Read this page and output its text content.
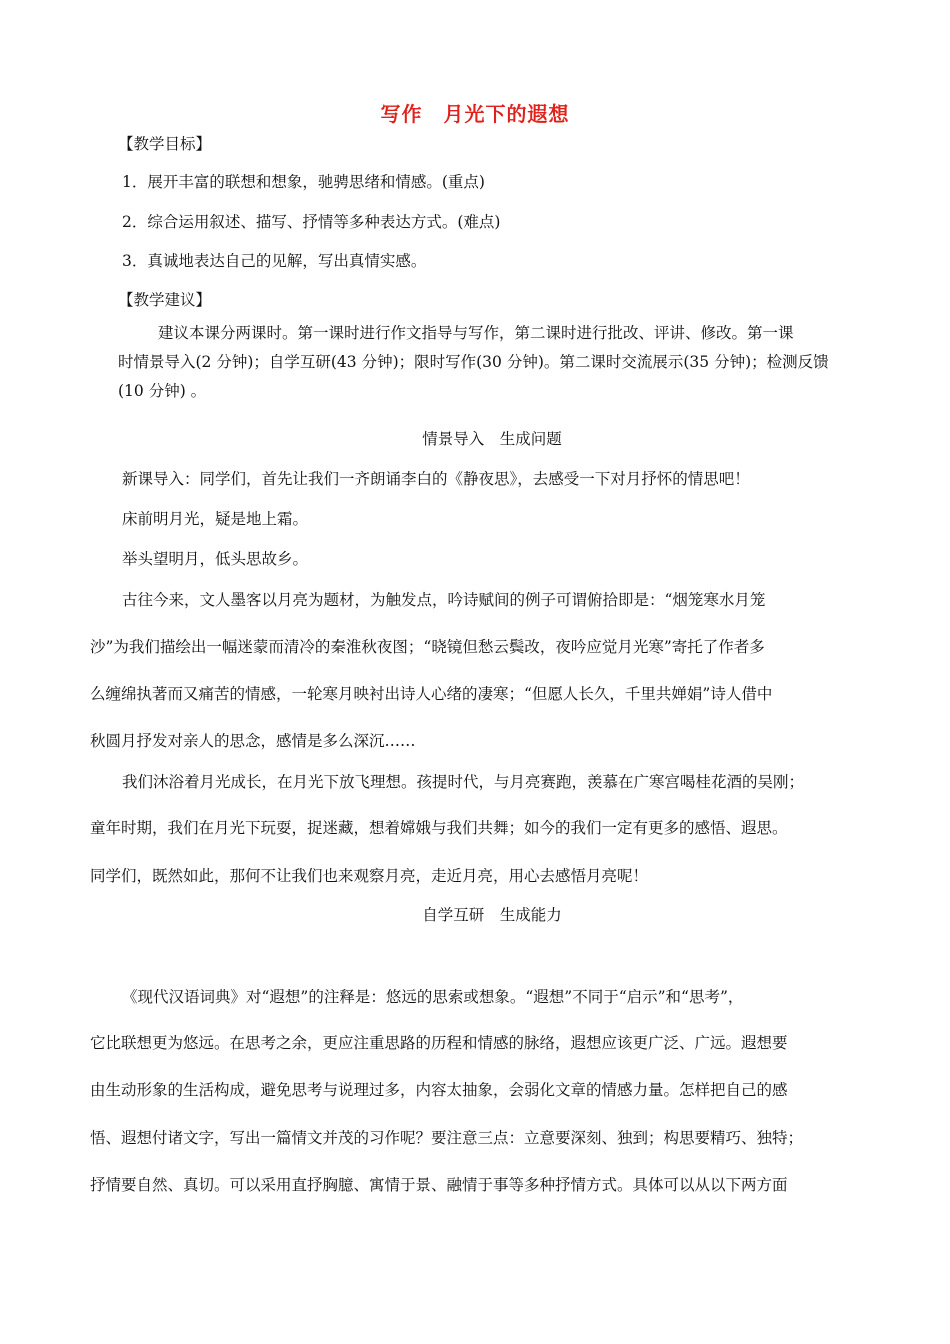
写作　月光下的遐想
【教学目标】
1．展开丰富的联想和想象，驰骋思绪和情感。(重点)
2．综合运用叙述、描写、抒情等多种表达方式。(难点)
3．真诚地表达自己的见解，写出真情实感。
【教学建议】
建议本课分两课时。第一课时进行作文指导与写作，第二课时进行批改、评讲、修改。第一课
时情景导入(2 分钟)；自学互研(43 分钟)；限时写作(30 分钟)。第二课时交流展示(35 分钟)；检测反馈
(10 分钟) 。
情景导入　生成问题
新课导入：同学们，首先让我们一齐朗诵李白的《静夜思》，去感受一下对月抒怀的情思吧！
床前明月光，疑是地上霜。
举头望明月，低头思故乡。
古往今来，文人墨客以月亮为题材，为触发点，吟诗赋间的例子可谓俯拾即是：“烟笼寒水月笼
沙”为我们描绘出一幅迷蒙而清冷的秦淮秋夜图；“晓镜但愁云鬓改，夜吟应觉月光寒”寄托了作者多
么缠绵执著而又痛苦的情感，一轮寒月映衬出诗人心绪的凄寒；“但愿人长久，千里共婵娟”诗人借中
秋圆月抒发对亲人的思念，感情是多么深沉……
我们沐浴着月光成长，在月光下放飞理想。孩提时代，与月亮赛跑，羡慕在广寒宫喝桂花酒的吴刚；
童年时期，我们在月光下玩耍，捉迷藏，想着嫦娥与我们共舞；如今的我们一定有更多的感悟、遐思。
同学们，既然如此，那何不让我们也来观察月亮，走近月亮，用心去感悟月亮呢！
自学互研　生成能力
《现代汉语词典》对“遐想”的注释是：悠远的思索或想象。“遐想”不同于“启示”和“思考”，
它比联想更为悠远。在思考之余，更应注重思路的历程和情感的脉络，遐想应该更广泛、广远。遐想要
由生动形象的生活构成，避免思考与说理过多，内容太抽象，会弱化文章的情感力量。怎样把自己的感
悟、遐想付诸文字，写出一篇情文并茂的习作呢？要注意三点：立意要深刻、独到；构思要精巧、独特；
抒情要自然、真切。可以采用直抒胸臆、寓情于景、融情于事等多种抒情方式。具体可以从以下两方面
